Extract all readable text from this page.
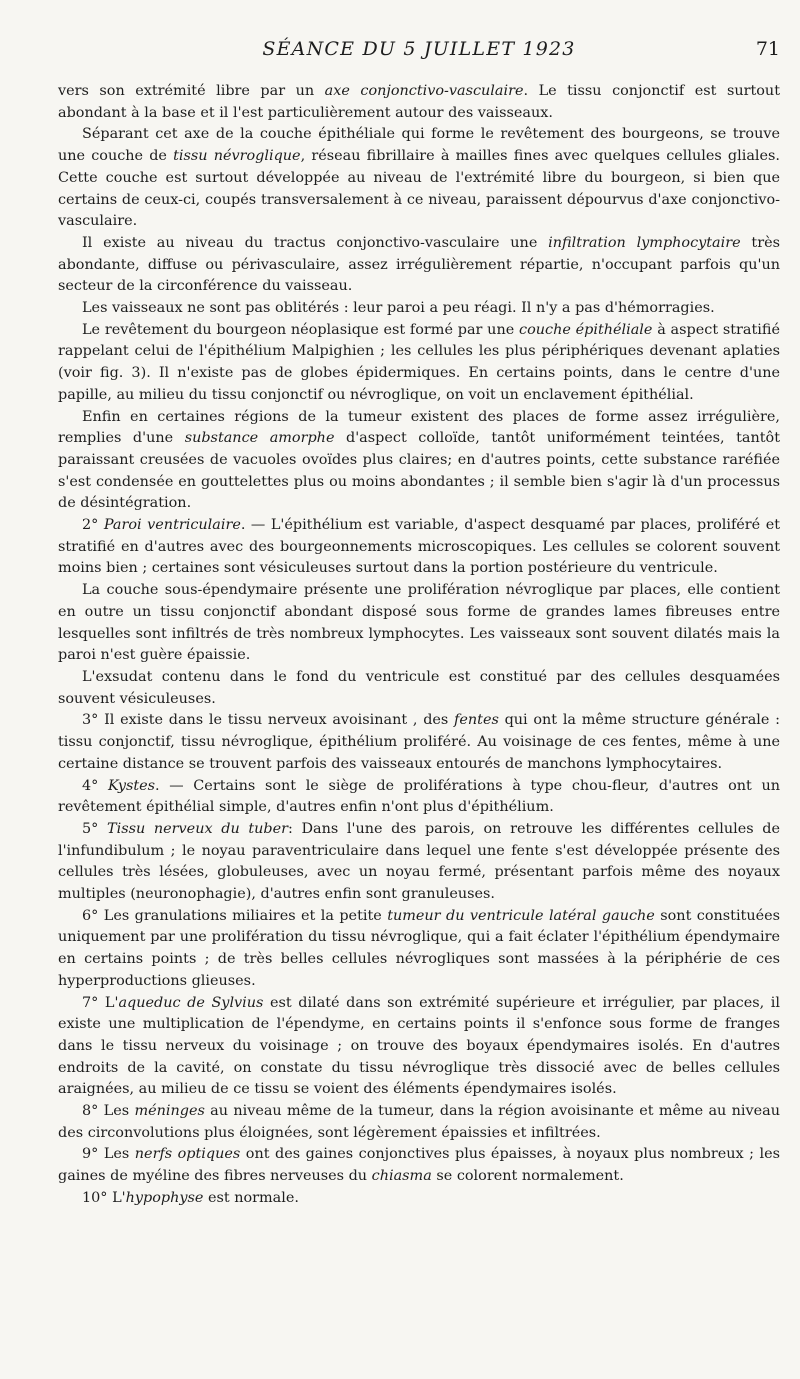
SÉANCE DU 5 JUILLET 1923	71

vers son extrémité libre par un axe conjonctivo-vasculaire. Le tissu conjonctif est surtout abondant à la base et il l'est particulièrement autour des vaisseaux.

Séparant cet axe de la couche épithéliale qui forme le revêtement des bourgeons, se trouve une couche de tissu névroglique, réseau fibrillaire à mailles fines avec quelques cellules gliales. Cette couche est surtout développée au niveau de l'extrémité libre du bourgeon, si bien que certains de ceux-ci, coupés transversalement à ce niveau, paraissent dépourvus d'axe conjonctivo-vasculaire.

Il existe au niveau du tractus conjonctivo-vasculaire une infiltration lymphocytaire très abondante, diffuse ou périvasculaire, assez irrégulièrement répartie, n'occupant parfois qu'un secteur de la circonférence du vaisseau.

Les vaisseaux ne sont pas oblitérés : leur paroi a peu réagi. Il n'y a pas d'hémorragies.

Le revêtement du bourgeon néoplasique est formé par une couche épithéliale à aspect stratifié rappelant celui de l'épithélium Malpighien ; les cellules les plus périphériques devenant aplaties (voir fig. 3). Il n'existe pas de globes épidermiques. En certains points, dans le centre d'une papille, au milieu du tissu conjonctif ou névroglique, on voit un enclavement épithélial.

Enfin en certaines régions de la tumeur existent des places de forme assez irrégulière, remplies d'une substance amorphe d'aspect colloïde, tantôt uniformément teintées, tantôt paraissant creusées de vacuoles ovoïdes plus claires; en d'autres points, cette substance raréfiée s'est condensée en gouttelettes plus ou moins abondantes ; il semble bien s'agir là d'un processus de désintégration.

2° Paroi ventriculaire. — L'épithélium est variable, d'aspect desquamé par places, proliféré et stratifié en d'autres avec des bourgeonnements microscopiques. Les cellules se colorent souvent moins bien ; certaines sont vésiculeuses surtout dans la portion postérieure du ventricule.

La couche sous-épendymaire présente une prolifération névroglique par places, elle contient en outre un tissu conjonctif abondant disposé sous forme de grandes lames fibreuses entre lesquelles sont infiltrés de très nombreux lymphocytes. Les vaisseaux sont souvent dilatés mais la paroi n'est guère épaissie.

L'exsudat contenu dans le fond du ventricule est constitué par des cellules desquamées souvent vésiculeuses.

3° Il existe dans le tissu nerveux avoisinant , des fentes qui ont la même structure générale : tissu conjonctif, tissu névroglique, épithélium proliféré. Au voisinage de ces fentes, même à une certaine distance se trouvent parfois des vaisseaux entourés de manchons lymphocytaires.

4° Kystes. — Certains sont le siège de proliférations à type chou-fleur, d'autres ont un revêtement épithélial simple, d'autres enfin n'ont plus d'épithélium.

5° Tissu nerveux du tuber: Dans l'une des parois, on retrouve les différentes cellules de l'infundibulum ; le noyau paraventriculaire dans lequel une fente s'est développée présente des cellules très lésées, globuleuses, avec un noyau fermé, présentant parfois même des noyaux multiples (neuronophagie), d'autres enfin sont granuleuses.

6° Les granulations miliaires et la petite tumeur du ventricule latéral gauche sont constituées uniquement par une prolifération du tissu névroglique, qui a fait éclater l'épithélium épendymaire en certains points ; de très belles cellules névrogliques sont massées à la périphérie de ces hyperproductions glieuses.

7° L'aqueduc de Sylvius est dilaté dans son extrémité supérieure et irrégulier, par places, il existe une multiplication de l'épendyme, en certains points il s'enfonce sous forme de franges dans le tissu nerveux du voisinage ; on trouve des boyaux épendymaires isolés. En d'autres endroits de la cavité, on constate du tissu névroglique très dissocié avec de belles cellules araignées, au milieu de ce tissu se voient des éléments épendymaires isolés.

8° Les méninges au niveau même de la tumeur, dans la région avoisinante et même au niveau des circonvolutions plus éloignées, sont légèrement épaissies et infiltrées.

9° Les nerfs optiques ont des gaines conjonctives plus épaisses, à noyaux plus nombreux ; les gaines de myéline des fibres nerveuses du chiasma se colorent normalement.

10° L'hypophyse est normale.
